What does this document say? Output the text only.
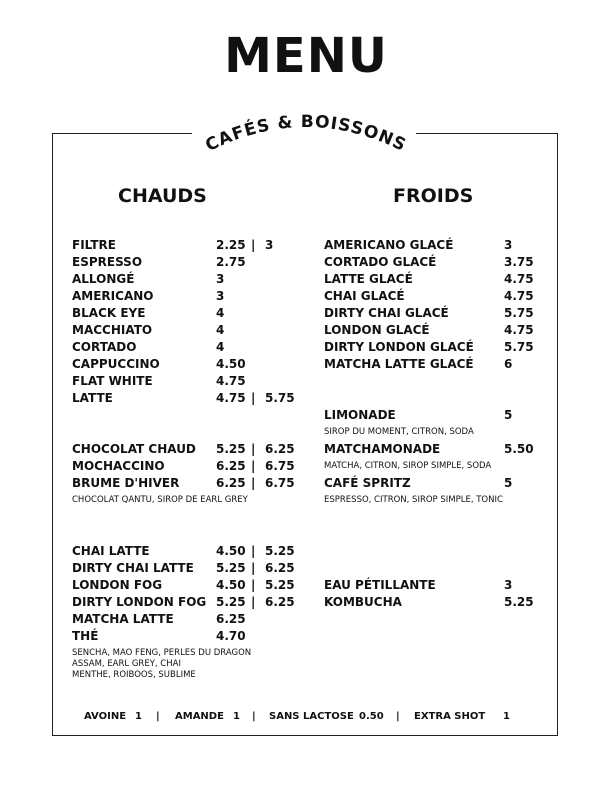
MENU
CAFÉS & BOISSONS
CHAUDS	FROIDS
FILTRE	2.25 | 3
ESPRESSO	2.75
ALLONGÉ	3
AMERICANO	3
BLACK EYE	4
MACCHIATO	4
CORTADO	4
CAPPUCCINO	4.50
FLAT WHITE	4.75
LATTE	4.75 | 5.75
CHOCOLAT CHAUD 5.25 | 6.25
MOCHACCINO	6.25 | 6.75
BRUME D'HIVER	6.25 | 6.75
CHAI LATTE	4.50 | 5.25
DIRTY CHAI LATTE 5.25 | 6.25
LONDON FOG	4.50 | 5.25
DIRTY LONDON FOG 5.25 | 6.25
MATCHA LATTE	6.25
THÉ	4.70
AMERICANO GLACÉ	3
CORTADO GLACÉ	3.75
LATTE GLACÉ	4.75
CHAI GLACÉ	4.75
DIRTY CHAI GLACÉ	5.75
LONDON GLACÉ	4.75
DIRTY LONDON GLACÉ	5.75
MATCHA LATTE GLACÉ	6
LIMONADE	5
SIROP DU MOMENT, CITRON, SODA
MATCHAMONADE	5.50
MATCHA, CITRON, SIROP SIMPLE, SODA
CAFÉ SPRITZ	5
ESPRESSO, CITRON, SIROP SIMPLE, TONIC
EAU PÉTILLANTE	3
KOMBUCHA	5.25
CHOCOLAT QANTU, SIROP DE EARL GREY
SENCHA, MAO FENG, PERLES DU DRAGON
ASSAM, EARL GREY, CHAI
MENTHE, ROIBOOS, SUBLIME
AVOINE 1	AMANDE 1	SANS LACTOSE 0.50	EXTRA SHOT 1
|	|	|
